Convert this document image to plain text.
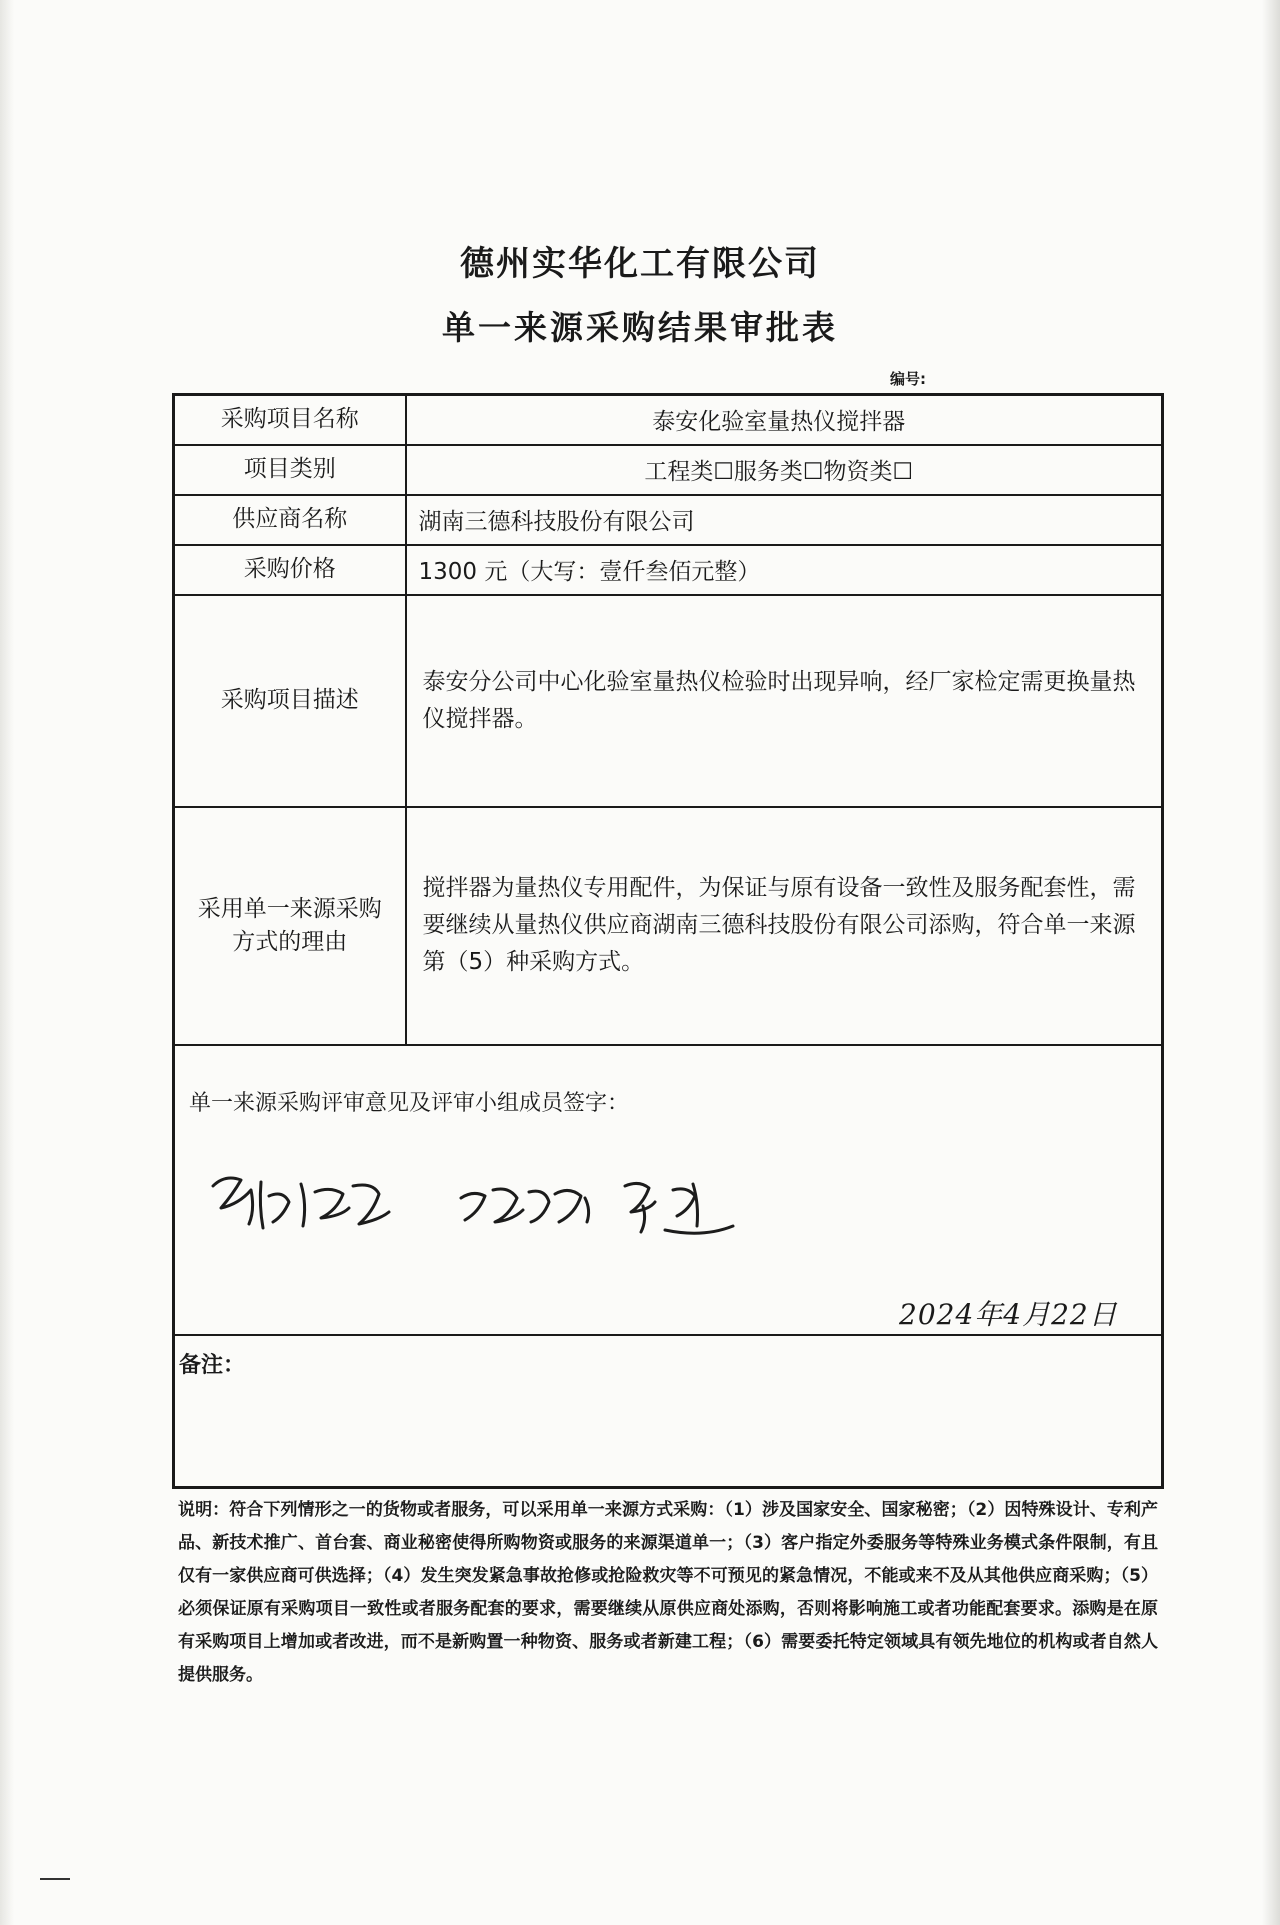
德州实华化工有限公司
单一来源采购结果审批表
编号:
采购项目名称	泰安化验室量热仪搅拌器
项目类别	工程类☐服务类☐物资类☐
供应商名称	湖南三德科技股份有限公司
采购价格	1300 元（大写：壹仟叁佰元整）
采购项目描述	泰安分公司中心化验室量热仪检验时出现异响，经厂家检定需更换量热仪搅拌器。

采用单一来源采购方式的理由	搅拌器为量热仪专用配件，为保证与原有设备一致性及服务配套性，需要继续从量热仪供应商湖南三德科技股份有限公司添购，符合单一来源第（5）种采购方式。

单一来源采购评审意见及评审小组成员签字：
2024年4月22日	

备注：	
说明：符合下列情形之一的货物或者服务，可以采用单一来源方式采购：（1）涉及国家安全、国家秘密；（2）因特殊设计、专利产品、新技术推广、首台套、商业秘密使得所购物资或服务的来源渠道单一；（3）客户指定外委服务等特殊业务模式条件限制，有且仅有一家供应商可供选择；（4）发生突发紧急事故抢修或抢险救灾等不可预见的紧急情况，不能或来不及从其他供应商采购；（5）必须保证原有采购项目一致性或者服务配套的要求，需要继续从原供应商处添购，否则将影响施工或者功能配套要求。添购是在原有采购项目上增加或者改进，而不是新购置一种物资、服务或者新建工程；（6）需要委托特定领域具有领先地位的机构或者自然人提供服务。
